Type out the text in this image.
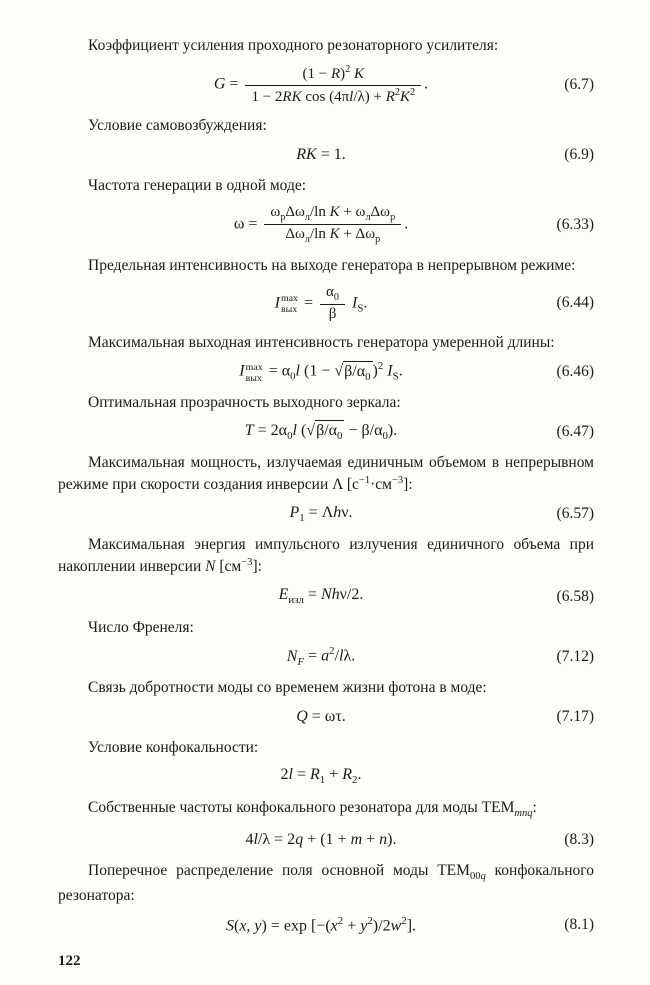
Коэффициент усиления проходного резонаторного усилителя:

$G = \frac{(1 - R)^2 K}{1 - 2RK \cos (4\pi l/\lambda) + R^2K^2}$ .	(6.7)

Условие самовозбуждения:

RK = 1.	(6.9)

Частота генерации в одной моде:

$\omega = \frac{\omega_р\Delta\omega_л/\ln K + \omega_л\Delta\omega_р}{\Delta\omega_л/\ln K + \Delta\omega_р}$ .	(6.33)

Предельная интенсивность на выходе генератора в непрерывном режиме:

I max
вых = $\frac{\alpha_0}{\beta} I_S$.	(6.44)

Максимальная выходная интенсивность генератора умеренной длины:

I max
вых = $\alpha_0l$ ($1 - √\beta/\alpha_0$ )$^2$ $I_S$.	(6.46)

Оптимальная прозрачность выходного зеркала:

$T = 2\alpha_0l$ $(√\beta/\alpha_0 - \beta/\alpha_0)$.	(6.47)

Максимальная мощность, излучаемая единичным объемом в непрерывном режиме при скорости создания инверсии Λ $[с^{-1}\cdot см^{-3}]$:

$P_1 = \Lambda h\nu$.	(6.57)

Максимальная энергия импульсного излучения единичного объема при накоплении инверсии N $[см^{-3}]$:

$E_{изл} = Nh\nu/2$.	(6.58)

Число Френеля:

$N_F = a^2/l\lambda$.	(7.12)

Связь добротности моды со временем жизни фотона в моде:

Q = ωτ.	(7.17)

Условие конфокальности:

$2l = R_1 + R_2$.

Собственные частоты конфокального резонатора для моды $TEM_{mnq}$:

4l/λ = 2q + (1 + m + n).	(8.3)

Поперечное распределение поля основной моды $TEM_{00q}$ конфокального резонатора:

S(x, $y) = \exp [-(x^2 + y^2)/2w^2]$.	(8.1)

122
